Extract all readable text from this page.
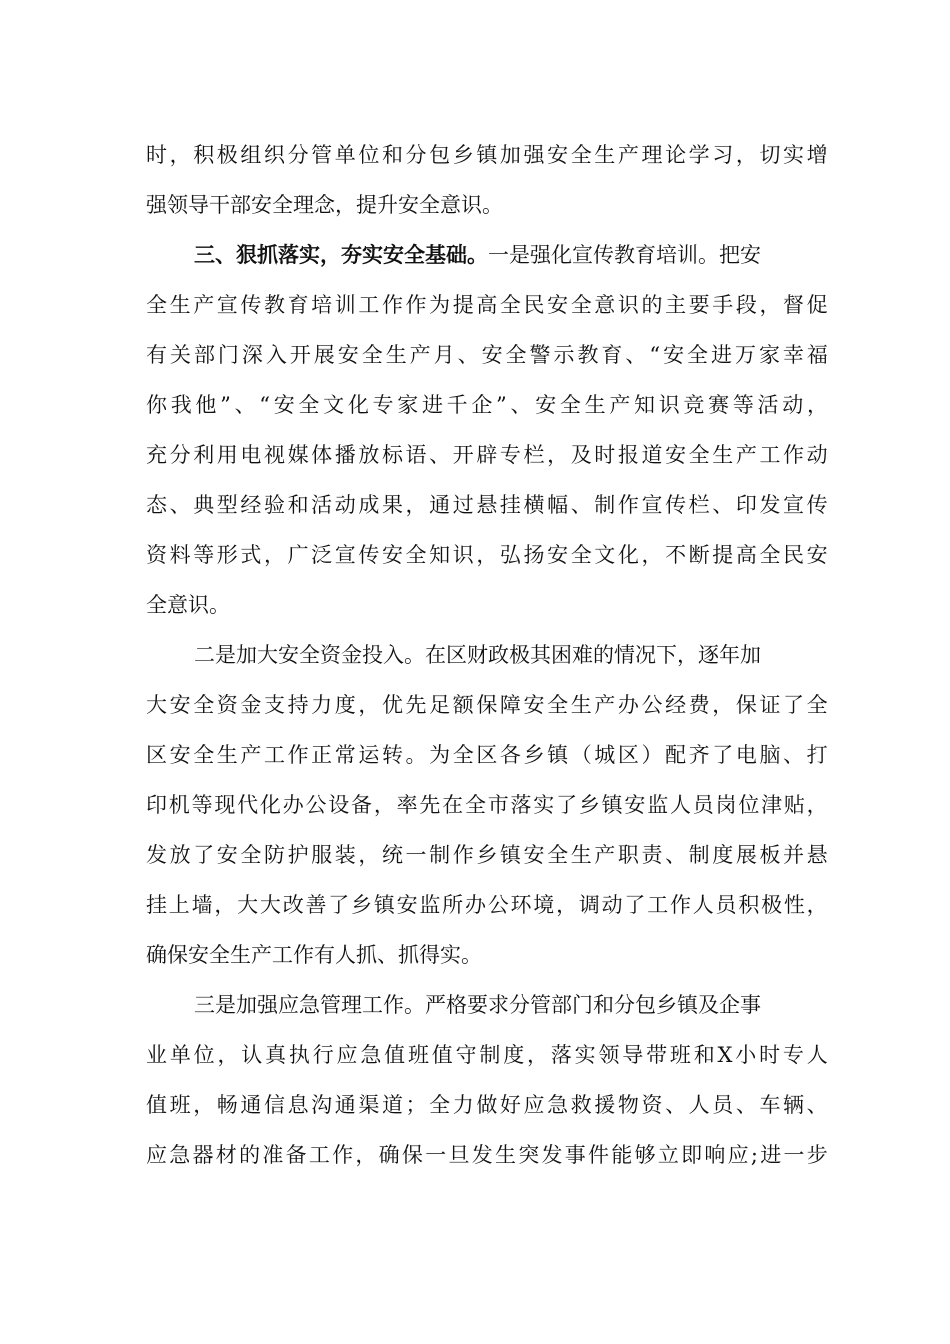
时 ， 积 极 组 织 分 管 单 位 和 分 包 乡 镇 加 强 安 全 生 产 理 论 学 习 ， 切 实 增
强领导干部安全理念，提升安全意识。
三、狠抓落实，夯实安全基础。 一是强化宣传教育培训。把安
全 生 产 宣 传 教 育 培 训 工 作 作 为 提 高 全 民 安 全 意 识 的 主 要 手 段 ， 督 促
有 关 部 门 深 入 开 展 安 全 生 产 月 、 安 全 警 示 教 育 、 “ 安 全 进 万 家 幸 福
你 我 他 ” 、 “ 安 全 文 化 专 家 进 千 企 ” 、 安 全 生 产 知 识 竞 赛 等 活 动 ，
充 分 利 用 电 视 媒 体 播 放 标 语 、 开 辟 专 栏 ， 及 时 报 道 安 全 生 产 工 作 动
态 、 典 型 经 验 和 活 动 成 果 ， 通 过 悬 挂 横 幅 、 制 作 宣 传 栏 、 印 发 宣 传
资 料 等 形 式 ， 广 泛 宣 传 安 全 知 识 ， 弘 扬 安 全 文 化 ， 不 断 提 高 全 民 安
全意识。
二是加大安全资金投入。在区财政极其困难的情况下，逐年加
大 安 全 资 金 支 持 力 度 ， 优 先 足 额 保 障 安 全 生 产 办 公 经 费 ， 保 证 了 全
区 安 全 生 产 工 作 正 常 运 转 。 为 全 区 各 乡 镇 （ 城 区 ） 配 齐 了 电 脑 、 打
印 机 等 现 代 化 办 公 设 备 ， 率 先 在 全 市 落 实 了 乡 镇 安 监 人 员 岗 位 津 贴 ，
发 放 了 安 全 防 护 服 装 ， 统 一 制 作 乡 镇 安 全 生 产 职 责 、 制 度 展 板 并 悬
挂 上 墙 ， 大 大 改 善 了 乡 镇 安 监 所 办 公 环 境 ， 调 动 了 工 作 人 员 积 极 性 ，
确保安全生产工作有人抓、抓得实。
三是加强应急管理工作。严格要求分管部门和分包乡镇及企事
业 单 位 ， 认 真 执 行 应 急 值 班 值 守 制 度 ， 落 实 领 导 带 班 和 X 小 时 专 人
值 班 ， 畅 通 信 息 沟 通 渠 道 ； 全 力 做 好 应 急 救 援 物 资 、 人 员 、 车 辆 、
应 急 器 材 的 准 备 工 作 ， 确 保 一 旦 发 生 突 发 事 件 能 够 立 即 响 应 ; 进 一 步
